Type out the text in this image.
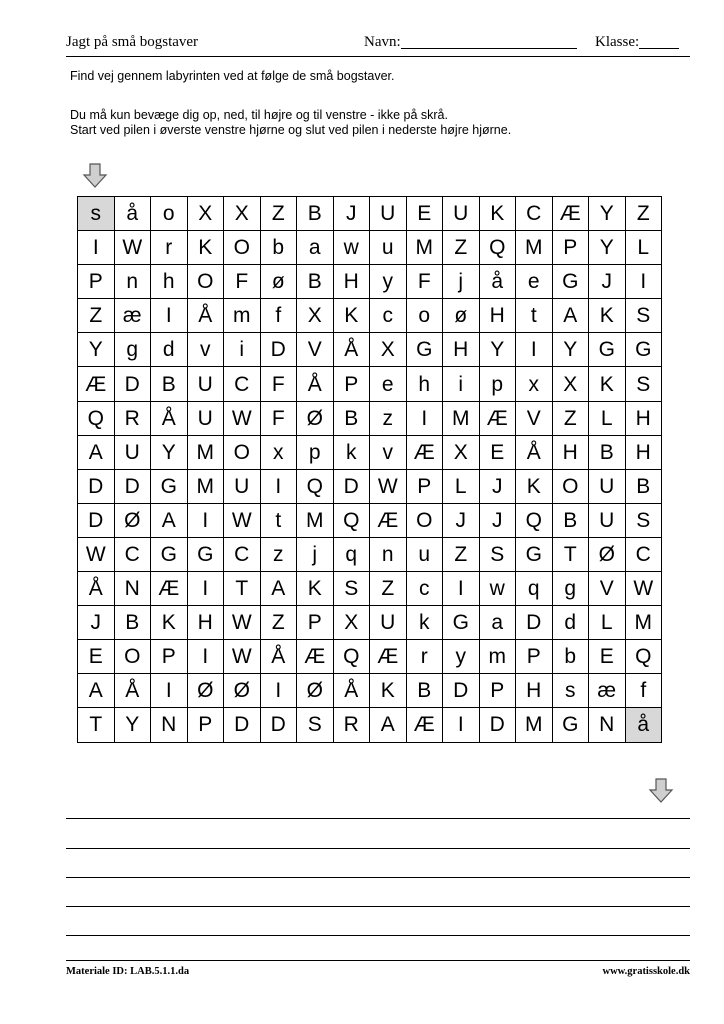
Jagt på små bogstaver	Navn:	Klasse:
Find vej gennem labyrinten ved at følge de små bogstaver.
Du må kun bevæge dig op, ned, til højre og til venstre - ikke på skrå.
Start ved pilen i øverste venstre hjørne og slut ved pilen i nederste højre hjørne.
s	å	o	X	X	Z	B	J	U	E	U	K	C	Æ	Y	Z
I	W	r	K	O	b	a	w	u	M	Z	Q	M	P	Y	L
P	n	h	O	F	ø	B	H	y	F	j	å	e	G	J	I
Z	æ	I	Å	m	f	X	K	c	o	ø	H	t	A	K	S
Y	g	d	v	i	D	V	Å	X	G	H	Y	I	Y	G	G
Æ	D	B	U	C	F	Å	P	e	h	i	p	x	X	K	S
Q	R	Å	U	W	F	Ø	B	z	I	M	Æ	V	Z	L	H
A	U	Y	M	O	x	p	k	v	Æ	X	E	Å	H	B	H
D	D	G	M	U	I	Q	D	W	P	L	J	K	O	U	B
D	Ø	A	I	W	t	M	Q	Æ	O	J	J	Q	B	U	S
W	C	G	G	C	z	j	q	n	u	Z	S	G	T	Ø	C
Å	N	Æ	I	T	A	K	S	Z	c	I	w	q	g	V	W
J	B	K	H	W	Z	P	X	U	k	G	a	D	d	L	M
E	O	P	I	W	Å	Æ	Q	Æ	r	y	m	P	b	E	Q
A	Å	I	Ø	Ø	I	Ø	Å	K	B	D	P	H	s	æ	f
T	Y	N	P	D	D	S	R	A	Æ	I	D	M	G	N	å
Materiale ID: LAB.5.1.1.da	www.gratisskole.dk
